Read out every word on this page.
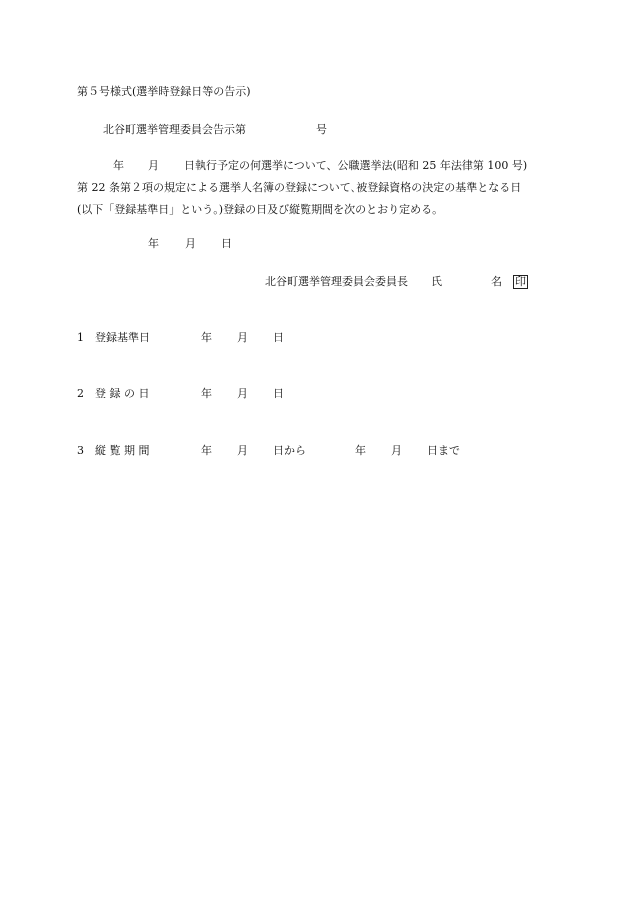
第５号様式(選挙時登録日等の告示)
北谷町選挙管理委員会告示第	号
年 月 日執行予定の何選挙について、公職選挙法(昭和 25 年法律第 100 号)
第 22 条第２項の規定による選挙人名簿の登録について､被登録資格の決定の基準となる日
(以下「登録基準日」という。)登録の日及び縦覧期間を次のとおり定める。
年 月 日
北谷町選挙管理委員会委員長 氏	名 印
1 登録基準日	年 月 日
2 登 録 の 日	年 月 日
3 縦 覧 期 間	年 月 日から	年 月 日まで
